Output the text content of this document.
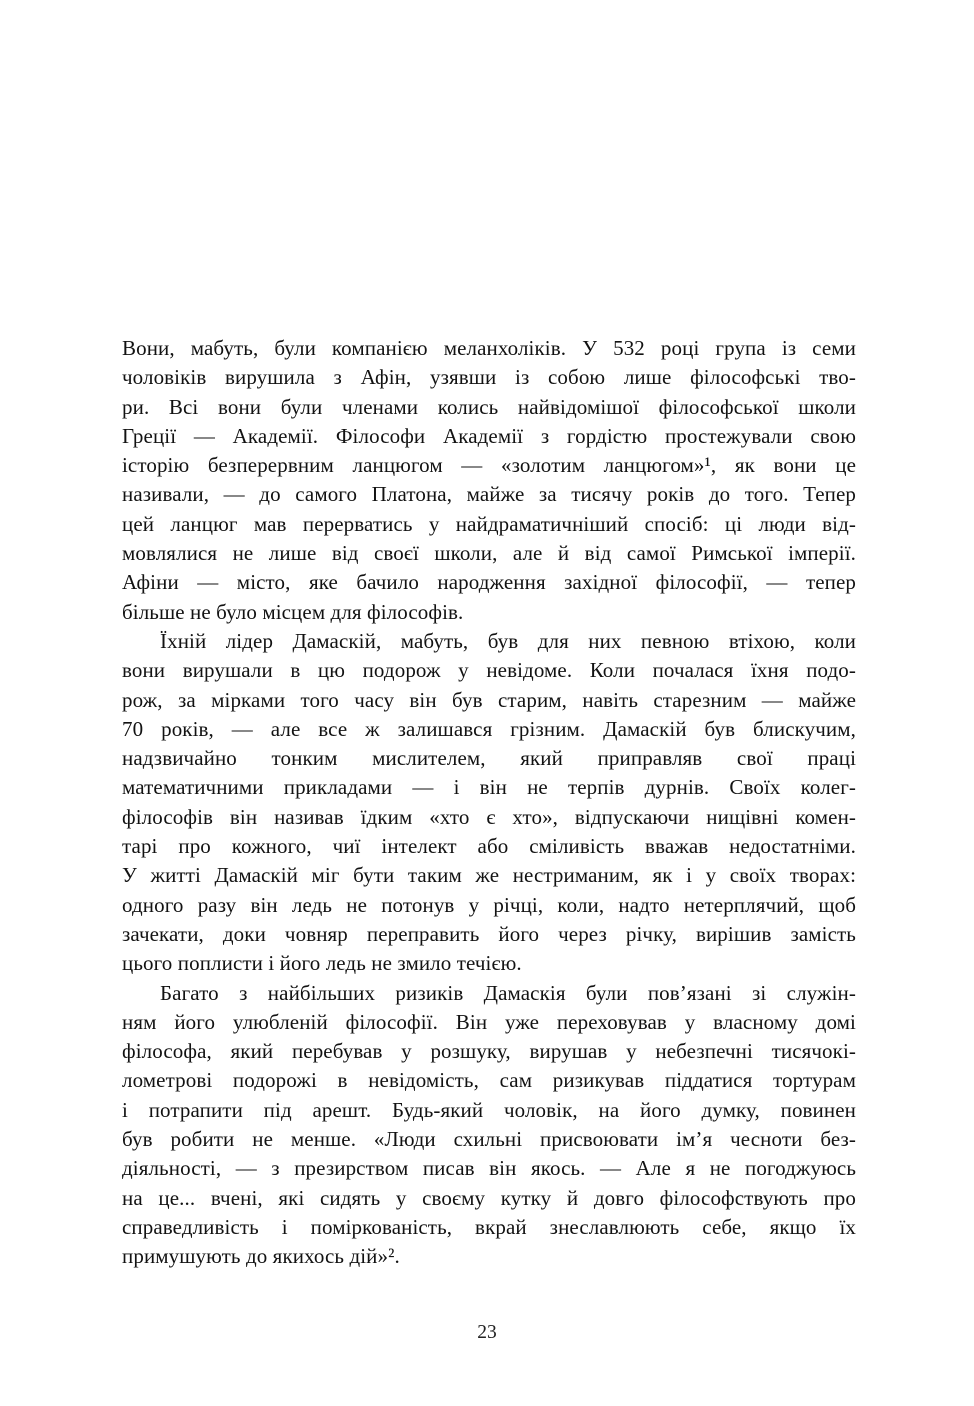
Вони, мабуть, були компанією меланхоліків. У 532 році група із семи
чоловіків вирушила з Афін, узявши із собою лише філософські тво-
ри. Всі вони були членами колись найвідомішої філософської школи
Греції — Академії. Філософи Академії з гордістю простежували свою
історію безперервним ланцюгом — «золотим ланцюгом»¹, як вони це
називали, — до самого Платона, майже за тисячу років до того. Тепер
цей ланцюг мав перерватись у найдраматичніший спосіб: ці люди від-
мовлялися не лише від своєї школи, але й від самої Римської імперії.
Афіни — місто, яке бачило народження західної філософії, — тепер
більше не було місцем для філософів.
Їхній лідер Дамаскій, мабуть, був для них певною втіхою, коли
вони вирушали в цю подорож у невідоме. Коли почалася їхня подо-
рож, за мірками того часу він був старим, навіть старезним — майже
70 років, — але все ж залишався грізним. Дамаскій був блискучим,
надзвичайно тонким мислителем, який приправляв свої праці
математичними прикладами — і він не терпів дурнів. Своїх колег-
філософів він називав їдким «хто є хто», відпускаючи нищівні комен-
тарі про кожного, чиї інтелект або сміливість вважав недостатніми.
У житті Дамаскій міг бути таким же нестриманим, як і у своїх творах:
одного разу він ледь не потонув у річці, коли, надто нетерплячий, щоб
зачекати, доки човняр переправить його через річку, вирішив замість
цього поплисти і його ледь не змило течією.
Багато з найбільших ризиків Дамаскія були пов’язані зі служін-
ням його улюбленій філософії. Він уже переховував у власному домі
філософа, який перебував у розшуку, вирушав у небезпечні тисячокі-
лометрові подорожі в невідомість, сам ризикував піддатися тортурам
і потрапити під арешт. Будь-який чоловік, на його думку, повинен
був робити не менше. «Люди схильні присвоювати ім’я чесноти без-
діяльності, — з презирством писав він якось. — Але я не погоджуюсь
на це... вчені, які сидять у своєму кутку й довго філософствують про
справедливість і поміркованість, вкрай знеславлюють себе, якщо їх
примушують до якихось дій»².
23
